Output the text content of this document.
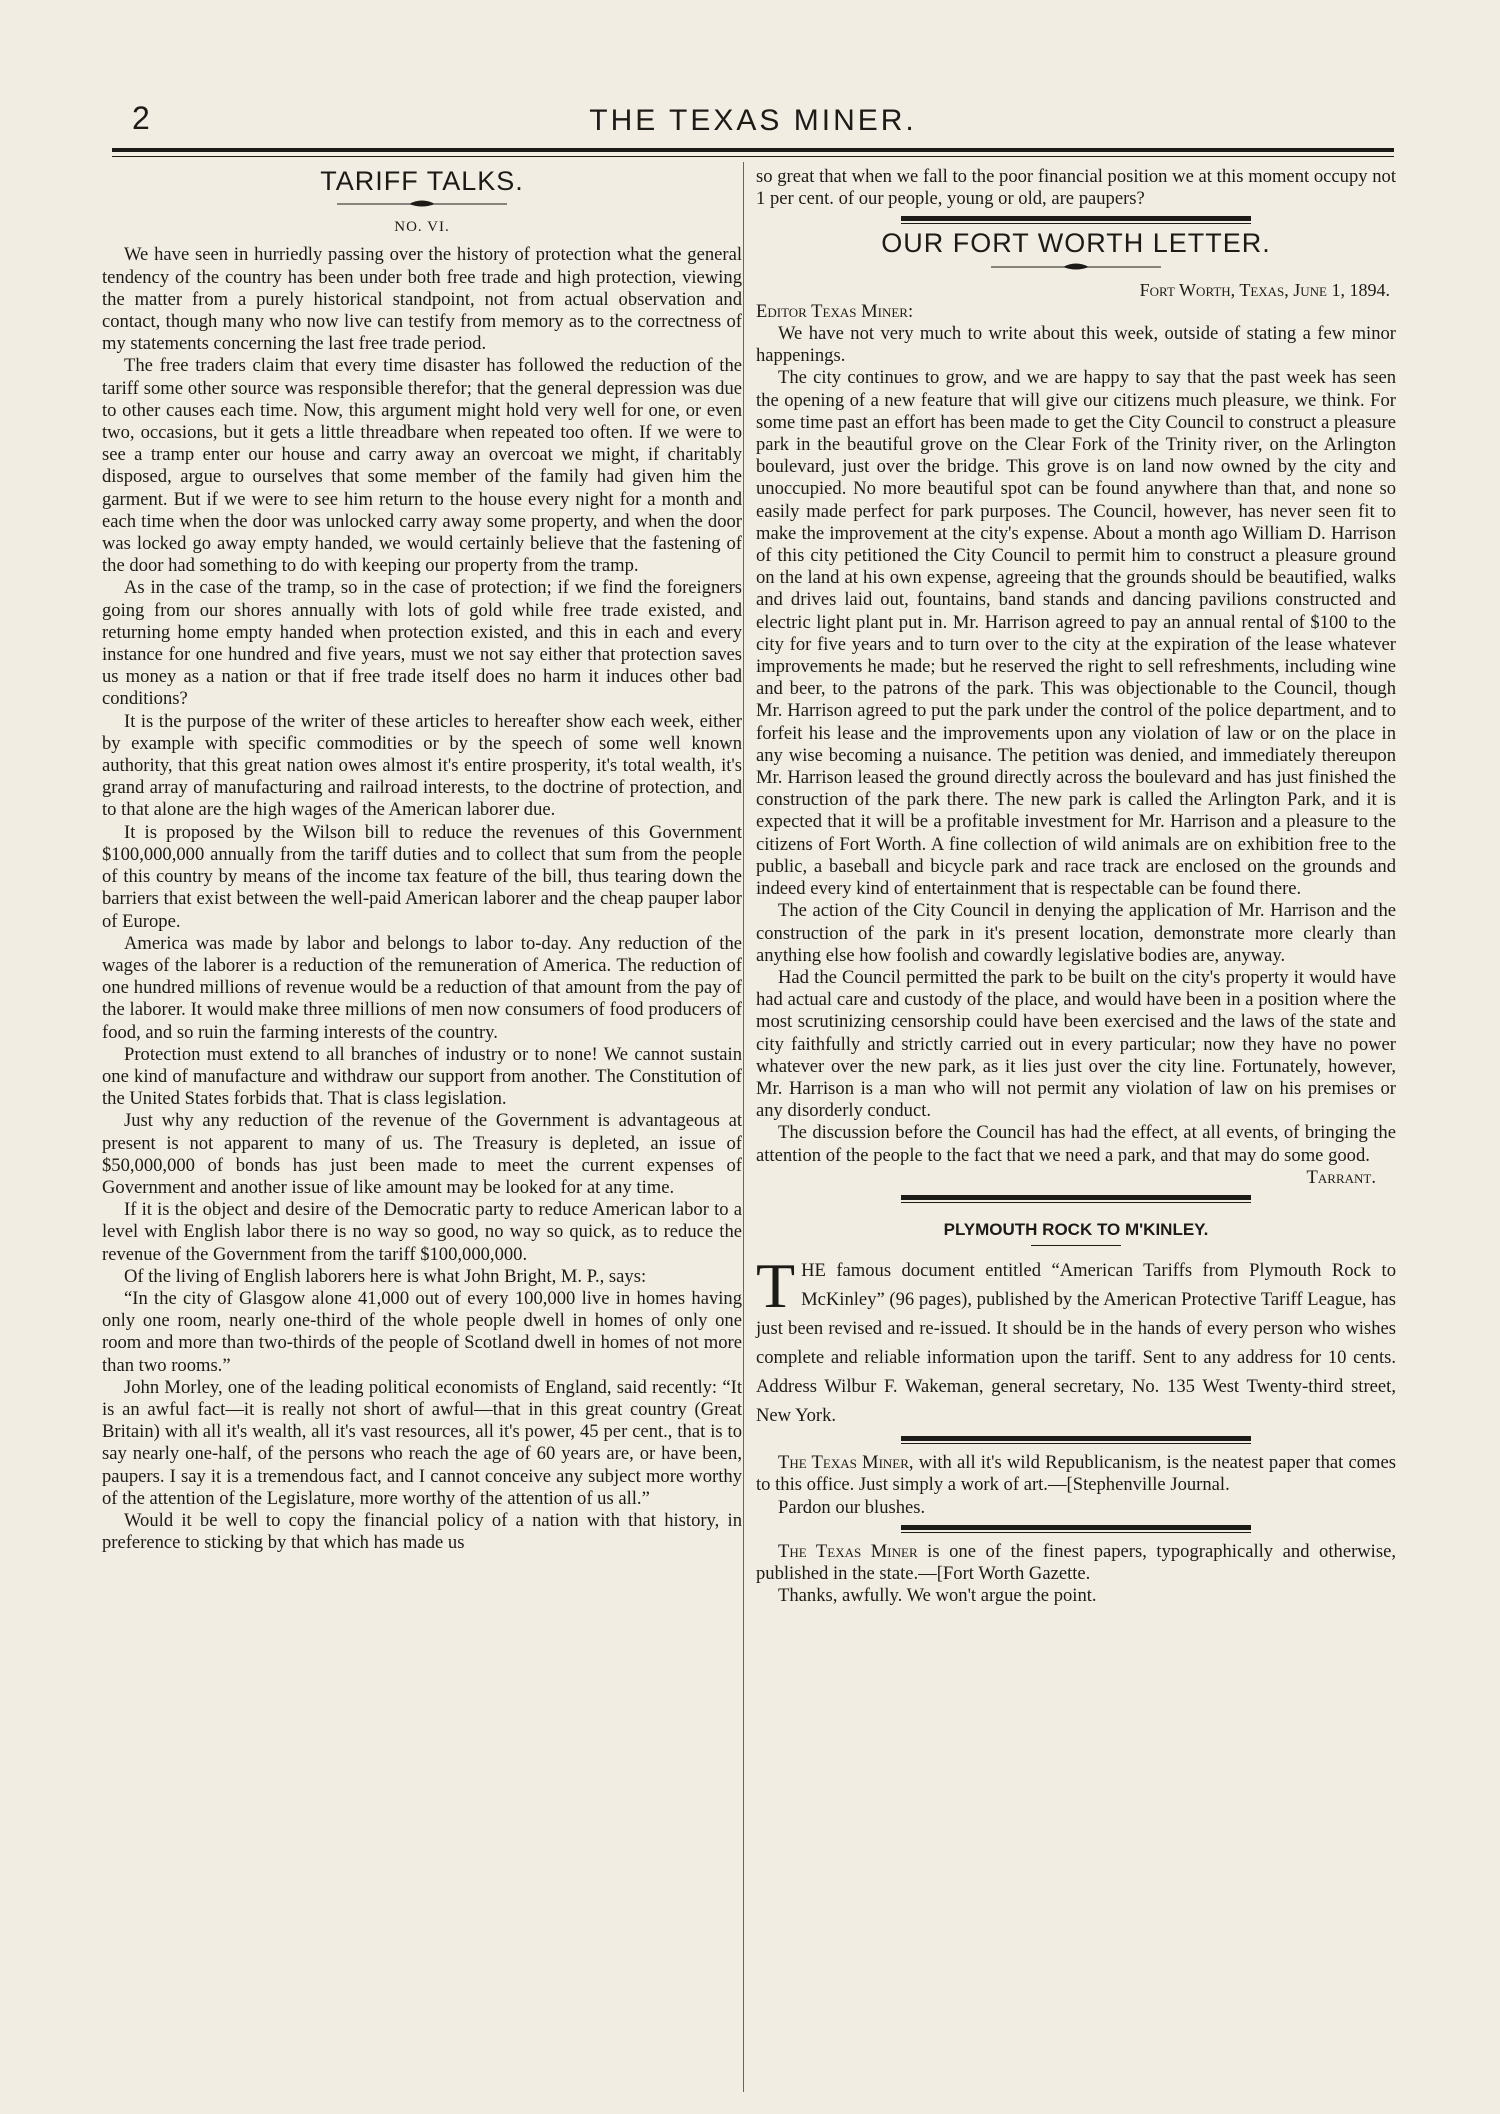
2	THE TEXAS MINER.
TARIFF TALKS.
NO. VI.

We have seen in hurriedly passing over the history of protection what the general tendency of the country has been under both free trade and high protection, viewing the matter from a purely historical standpoint, not from actual observation and contact, though many who now live can testify from memory as to the correctness of my statements concerning the last free trade period.

The free traders claim that every time disaster has followed the reduction of the tariff some other source was responsible therefor; that the general depression was due to other causes each time. Now, this argument might hold very well for one, or even two, occasions, but it gets a little threadbare when repeated too often. If we were to see a tramp enter our house and carry away an overcoat we might, if charitably disposed, argue to ourselves that some member of the family had given him the garment. But if we were to see him return to the house every night for a month and each time when the door was unlocked carry away some property, and when the door was locked go away empty handed, we would certainly believe that the fastening of the door had something to do with keeping our property from the tramp.

As in the case of the tramp, so in the case of protection; if we find the foreigners going from our shores annually with lots of gold while free trade existed, and returning home empty handed when protection existed, and this in each and every instance for one hundred and five years, must we not say either that protection saves us money as a nation or that if free trade itself does no harm it induces other bad conditions?

It is the purpose of the writer of these articles to hereafter show each week, either by example with specific commodities or by the speech of some well known authority, that this great nation owes almost it's entire prosperity, it's total wealth, it's grand array of manufacturing and railroad interests, to the doctrine of protection, and to that alone are the high wages of the American laborer due.

It is proposed by the Wilson bill to reduce the revenues of this Government $100,000,000 annually from the tariff duties and to collect that sum from the people of this country by means of the income tax feature of the bill, thus tearing down the barriers that exist between the well-paid American laborer and the cheap pauper labor of Europe.

America was made by labor and belongs to labor to-day. Any reduction of the wages of the laborer is a reduction of the remuneration of America. The reduction of one hundred millions of revenue would be a reduction of that amount from the pay of the laborer. It would make three millions of men now consumers of food producers of food, and so ruin the farming interests of the country.

Protection must extend to all branches of industry or to none! We cannot sustain one kind of manufacture and withdraw our support from another. The Constitution of the United States forbids that. That is class legislation.

Just why any reduction of the revenue of the Government is advantageous at present is not apparent to many of us. The Treasury is depleted, an issue of $50,000,000 of bonds has just been made to meet the current expenses of Government and another issue of like amount may be looked for at any time.

If it is the object and desire of the Democratic party to reduce American labor to a level with English labor there is no way so good, no way so quick, as to reduce the revenue of the Government from the tariff $100,000,000.

Of the living of English laborers here is what John Bright, M. P., says:

“In the city of Glasgow alone 41,000 out of every 100,000 live in homes having only one room, nearly one-third of the whole people dwell in homes of only one room and more than two-thirds of the people of Scotland dwell in homes of not more than two rooms.”

John Morley, one of the leading political economists of England, said recently: “It is an awful fact—it is really not short of awful—that in this great country (Great Britain) with all it's wealth, all it's vast resources, all it's power, 45 per cent., that is to say nearly one-half, of the persons who reach the age of 60 years are, or have been, paupers. I say it is a tremendous fact, and I cannot conceive any subject more worthy of the attention of the Legislature, more worthy of the attention of us all.”

Would it be well to copy the financial policy of a nation with that history, in preference to sticking by that which has made us

so great that when we fall to the poor financial position we at this moment occupy not 1 per cent. of our people, young or old, are paupers?

OUR FORT WORTH LETTER.
Fort Worth, Texas, June 1, 1894.

Editor Texas Miner:

We have not very much to write about this week, outside of stating a few minor happenings.

The city continues to grow, and we are happy to say that the past week has seen the opening of a new feature that will give our citizens much pleasure, we think. For some time past an effort has been made to get the City Council to construct a pleasure park in the beautiful grove on the Clear Fork of the Trinity river, on the Arlington boulevard, just over the bridge. This grove is on land now owned by the city and unoccupied. No more beautiful spot can be found anywhere than that, and none so easily made perfect for park purposes. The Council, however, has never seen fit to make the improvement at the city's expense. About a month ago William D. Harrison of this city petitioned the City Council to permit him to construct a pleasure ground on the land at his own expense, agreeing that the grounds should be beautified, walks and drives laid out, fountains, band stands and dancing pavilions constructed and electric light plant put in. Mr. Harrison agreed to pay an annual rental of $100 to the city for five years and to turn over to the city at the expiration of the lease whatever improvements he made; but he reserved the right to sell refreshments, including wine and beer, to the patrons of the park. This was objectionable to the Council, though Mr. Harrison agreed to put the park under the control of the police department, and to forfeit his lease and the improvements upon any violation of law or on the place in any wise becoming a nuisance. The petition was denied, and immediately thereupon Mr. Harrison leased the ground directly across the boulevard and has just finished the construction of the park there. The new park is called the Arlington Park, and it is expected that it will be a profitable investment for Mr. Harrison and a pleasure to the citizens of Fort Worth. A fine collection of wild animals are on exhibition free to the public, a baseball and bicycle park and race track are enclosed on the grounds and indeed every kind of entertainment that is respectable can be found there.

The action of the City Council in denying the application of Mr. Harrison and the construction of the park in it's present location, demonstrate more clearly than anything else how foolish and cowardly legislative bodies are, anyway.

Had the Council permitted the park to be built on the city's property it would have had actual care and custody of the place, and would have been in a position where the most scrutinizing censorship could have been exercised and the laws of the state and city faithfully and strictly carried out in every particular; now they have no power whatever over the new park, as it lies just over the city line. Fortunately, however, Mr. Harrison is a man who will not permit any violation of law on his premises or any disorderly conduct.

The discussion before the Council has had the effect, at all events, of bringing the attention of the people to the fact that we need a park, and that may do some good.
Tarrant.

PLYMOUTH ROCK TO M'KINLEY.

THE famous document entitled “American Tariffs from Plymouth Rock to McKinley” (96 pages), published by the American Protective Tariff League, has just been revised and re-issued. It should be in the hands of every person who wishes complete and reliable information upon the tariff. Sent to any address for 10 cents. Address Wilbur F. Wakeman, general secretary, No. 135 West Twenty-third street, New York.

The Texas Miner, with all it's wild Republicanism, is the neatest paper that comes to this office. Just simply a work of art.—[Stephenville Journal.

Pardon our blushes.

The Texas Miner is one of the finest papers, typographically and otherwise, published in the state.—[Fort Worth Gazette.

Thanks, awfully. We won't argue the point.
